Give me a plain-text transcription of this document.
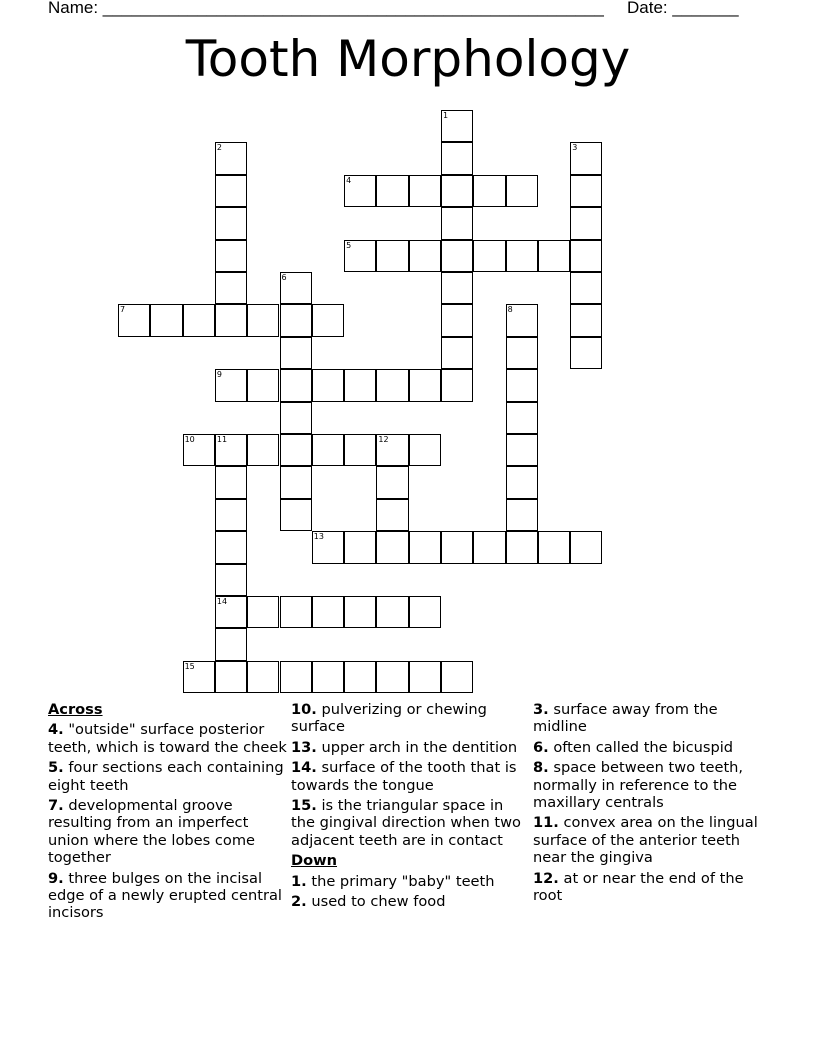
Name: _____________________________________________________ Date: _______
Tooth Morphology
1
2	3
4
5
6
7	8
9
10	11	12
14
13
15
Across
4. "outside" surface posterior teeth, which is toward the cheek
5. four sections each containing eight teeth
7. developmental groove resulting from an imperfect union where the lobes come together
9. three bulges on the incisal edge of a newly erupted central incisors
10. pulverizing or chewing surface
13. upper arch in the dentition
14. surface of the tooth that is towards the tongue
15. is the triangular space in the gingival direction when two adjacent teeth are in contact
Down
1. the primary "baby" teeth
2. used to chew food
3. surface away from the midline
6. often called the bicuspid
8. space between two teeth, normally in reference to the maxillary centrals
11. convex area on the lingual surface of the anterior teeth near the gingiva
12. at or near the end of the root
